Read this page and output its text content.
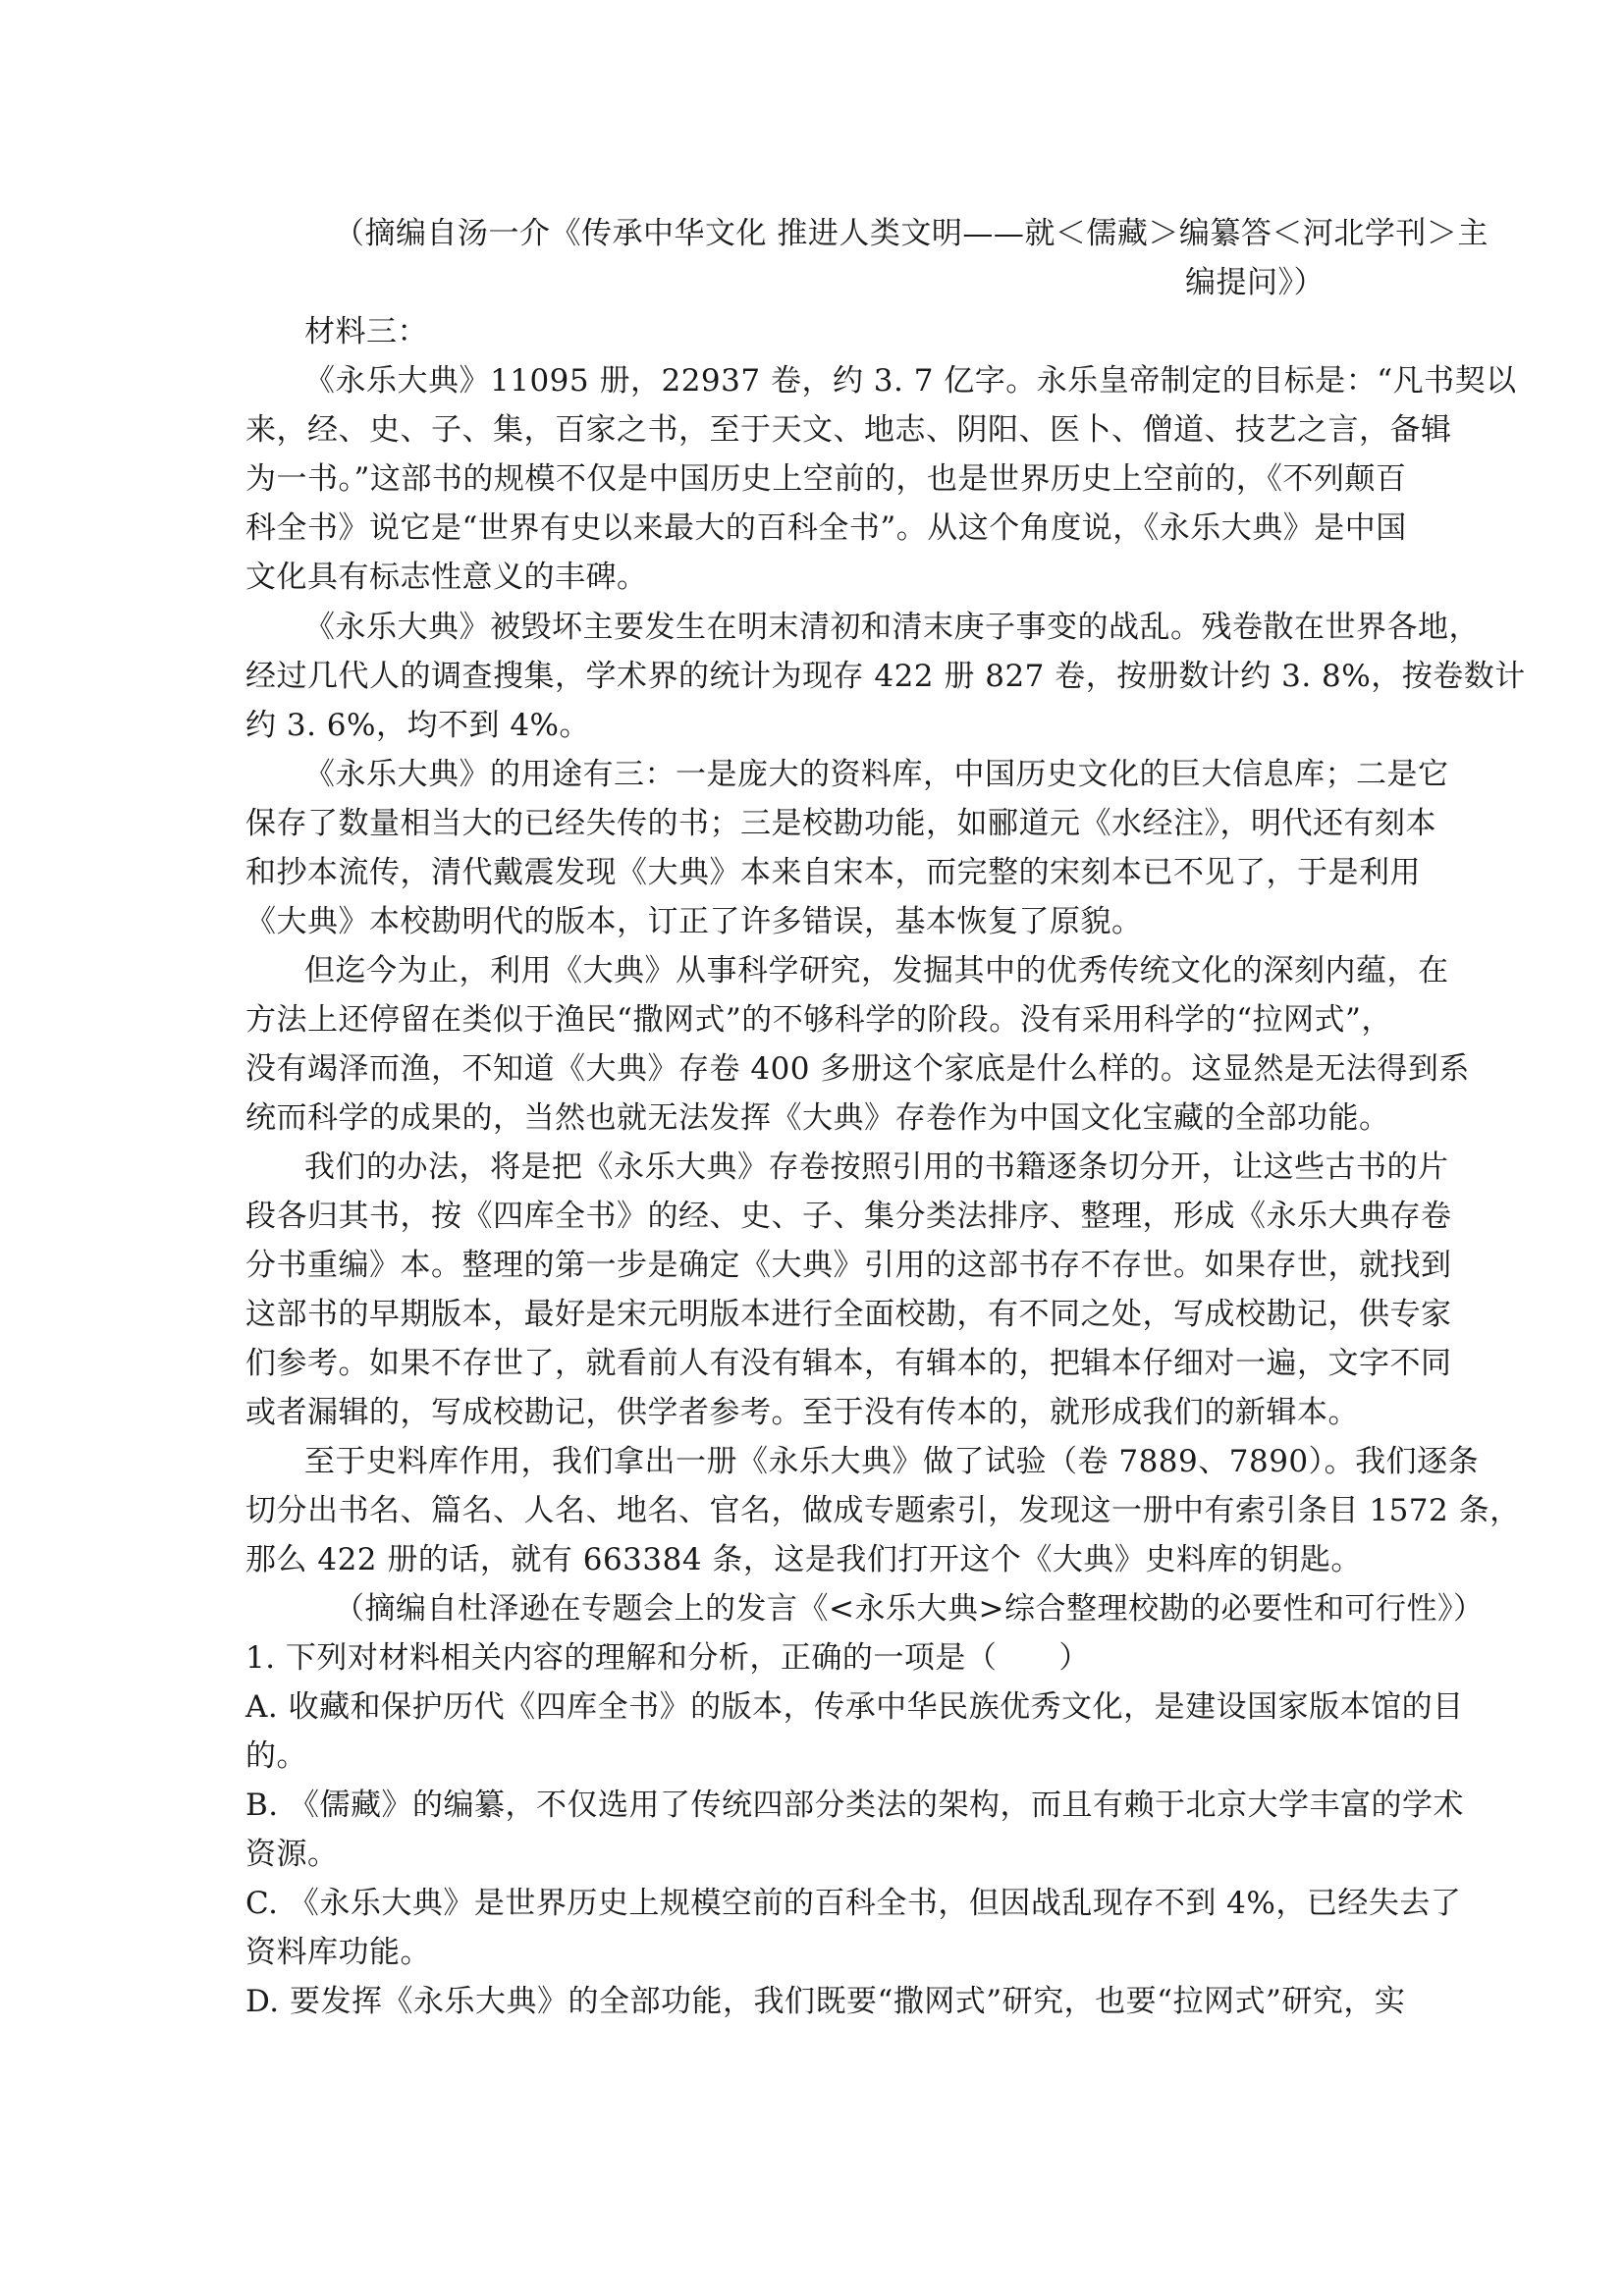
（摘编自汤一介《传承中华文化 推进人类文明——就＜儒藏＞编纂答＜河北学刊＞主
编提问》）
材料三：
《永乐大典》11095 册，22937 卷，约 3. 7 亿字。永乐皇帝制定的目标是：“凡书契以
来，经、史、子、集，百家之书，至于天文、地志、阴阳、医卜、僧道、技艺之言，备辑
为一书。”这部书的规模不仅是中国历史上空前的，也是世界历史上空前的，《不列颠百
科全书》说它是“世界有史以来最大的百科全书”。从这个角度说，《永乐大典》是中国
文化具有标志性意义的丰碑。
《永乐大典》被毁坏主要发生在明末清初和清末庚子事变的战乱。残卷散在世界各地，
经过几代人的调查搜集，学术界的统计为现存 422 册 827 卷，按册数计约 3. 8%，按卷数计
约 3. 6%，均不到 4%。
《永乐大典》的用途有三：一是庞大的资料库，中国历史文化的巨大信息库；二是它
保存了数量相当大的已经失传的书；三是校勘功能，如郦道元《水经注》，明代还有刻本
和抄本流传，清代戴震发现《大典》本来自宋本，而完整的宋刻本已不见了，于是利用
《大典》本校勘明代的版本，订正了许多错误，基本恢复了原貌。
但迄今为止，利用《大典》从事科学研究，发掘其中的优秀传统文化的深刻内蕴，在
方法上还停留在类似于渔民“撒网式”的不够科学的阶段。没有采用科学的“拉网式”，
没有竭泽而渔，不知道《大典》存卷 400 多册这个家底是什么样的。这显然是无法得到系
统而科学的成果的，当然也就无法发挥《大典》存卷作为中国文化宝藏的全部功能。
我们的办法，将是把《永乐大典》存卷按照引用的书籍逐条切分开，让这些古书的片
段各归其书，按《四库全书》的经、史、子、集分类法排序、整理，形成《永乐大典存卷
分书重编》本。整理的第一步是确定《大典》引用的这部书存不存世。如果存世，就找到
这部书的早期版本，最好是宋元明版本进行全面校勘，有不同之处，写成校勘记，供专家
们参考。如果不存世了，就看前人有没有辑本，有辑本的，把辑本仔细对一遍，文字不同
或者漏辑的，写成校勘记，供学者参考。至于没有传本的，就形成我们的新辑本。
至于史料库作用，我们拿出一册《永乐大典》做了试验（卷 7889、7890）。我们逐条
切分出书名、篇名、人名、地名、官名，做成专题索引，发现这一册中有索引条目 1572 条，
那么 422 册的话，就有 663384 条，这是我们打开这个《大典》史料库的钥匙。
（摘编自杜泽逊在专题会上的发言《<永乐大典>综合整理校勘的必要性和可行性》）
1. 下列对材料相关内容的理解和分析，正确的一项是（　　）
A. 收藏和保护历代《四库全书》的版本，传承中华民族优秀文化，是建设国家版本馆的目
的。
B. 《儒藏》的编纂，不仅选用了传统四部分类法的架构，而且有赖于北京大学丰富的学术
资源。
C. 《永乐大典》是世界历史上规模空前的百科全书，但因战乱现存不到 4%，已经失去了
资料库功能。
D. 要发挥《永乐大典》的全部功能，我们既要“撒网式”研究，也要“拉网式”研究，实
